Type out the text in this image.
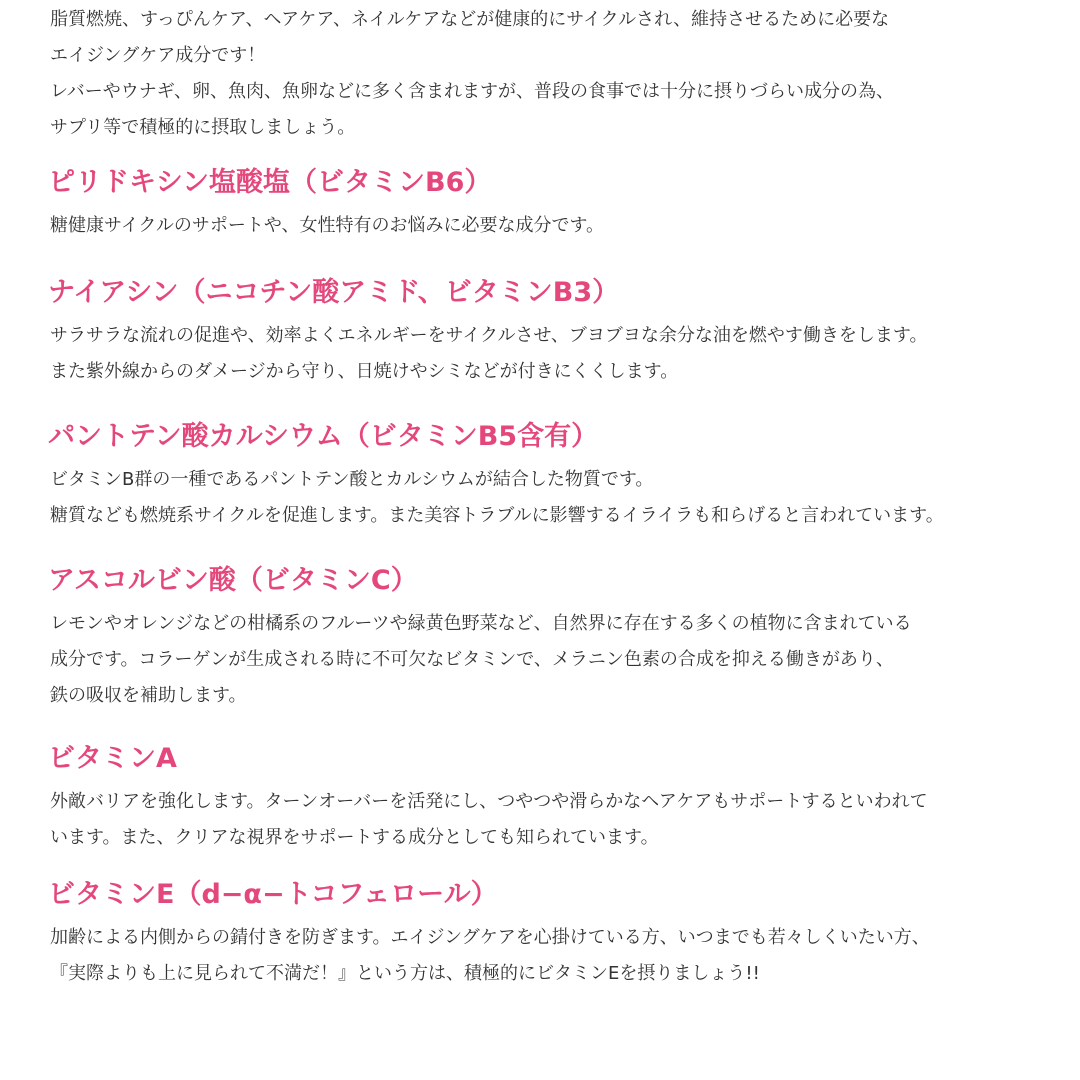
脂質燃焼、すっぴんケア、ヘアケア、ネイルケアなどが健康的にサイクルされ、維持させるために必要な
エイジングケア成分です！
レバーやウナギ、卵、魚肉、魚卵などに多く含まれますが、普段の食事では十分に摂りづらい成分の為、
サプリ等で積極的に摂取しましょう。
ピリドキシン塩酸塩（ビタミンB6）
糖健康サイクルのサポートや、女性特有のお悩みに必要な成分です。
ナイアシン（ニコチン酸アミド、ビタミンB3）
サラサラな流れの促進や、効率よくエネルギーをサイクルさせ、ブヨブヨな余分な油を燃やす働きをします。
また紫外線からのダメージから守り、日焼けやシミなどが付きにくくします。
パントテン酸カルシウム（ビタミンB5含有）
ビタミンB群の一種であるパントテン酸とカルシウムが結合した物質です。
糖質なども燃焼系サイクルを促進します。また美容トラブルに影響するイライラも和らげると言われています。
アスコルビン酸（ビタミンC）
レモンやオレンジなどの柑橘系のフルーツや緑黄色野菜など、自然界に存在する多くの植物に含まれている
成分です。コラーゲンが生成される時に不可欠なビタミンで、メラニン色素の合成を抑える働きがあり、
鉄の吸収を補助します。
ビタミンA
外敵バリアを強化します。ターンオーバーを活発にし、つやつや滑らかなヘアケアもサポートするといわれて
います。また、クリアな視界をサポートする成分としても知られています。
ビタミンE（d−α−トコフェロール）
加齢による内側からの錆付きを防ぎます。エイジングケアを心掛けている方、いつまでも若々しくいたい方、
『実際よりも上に見られて不満だ！』という方は、積極的にビタミンEを摂りましょう!!
